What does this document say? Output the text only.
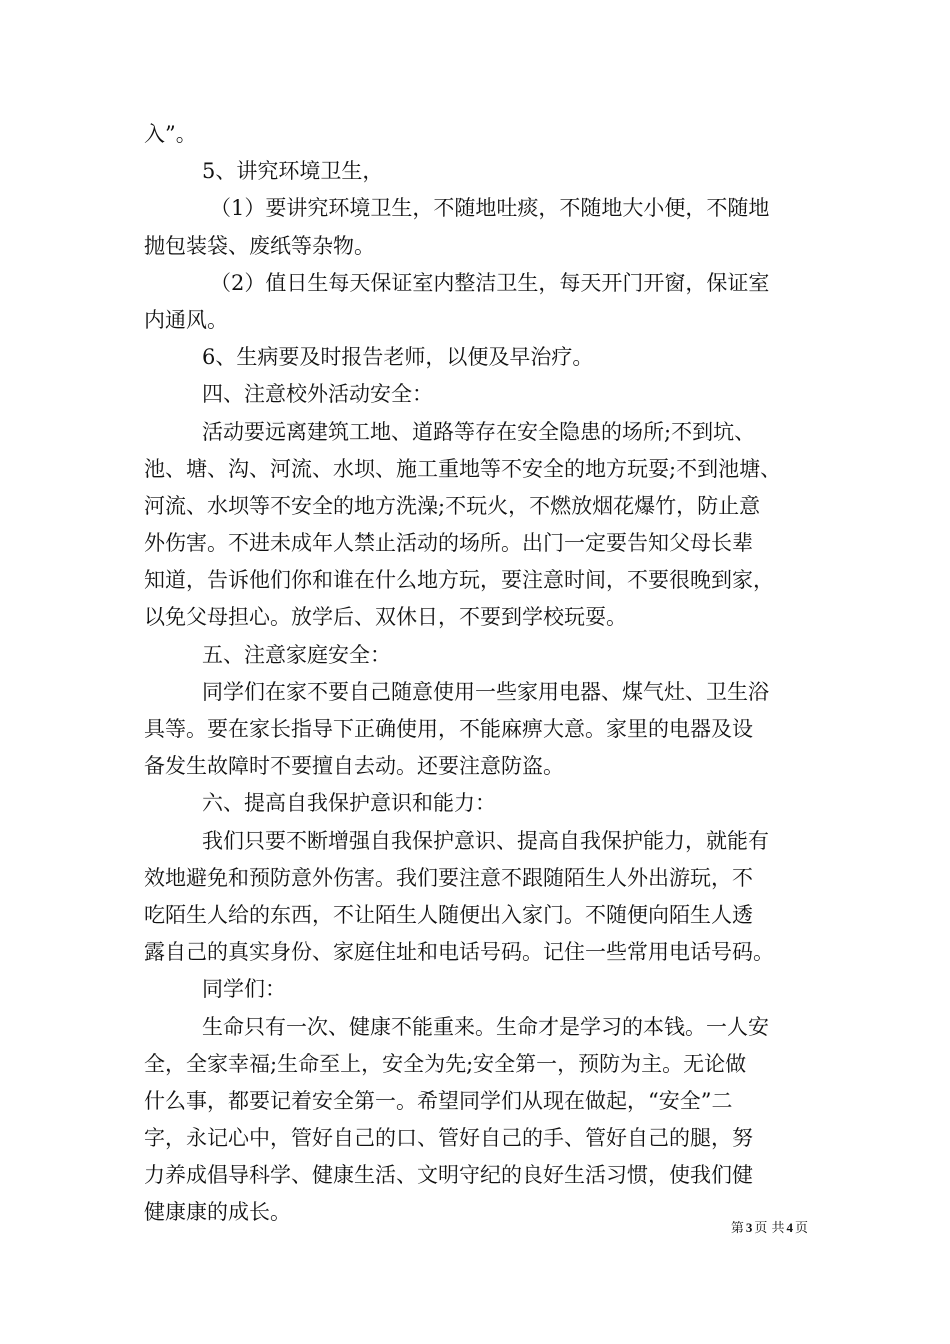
入”。
5、讲究环境卫生，
（1）要讲究环境卫生，不随地吐痰，不随地大小便，不随地
抛包装袋、废纸等杂物。
（2）值日生每天保证室内整洁卫生，每天开门开窗，保证室
内通风。
6、生病要及时报告老师，以便及早治疗。
四、注意校外活动安全：
活动要远离建筑工地、道路等存在安全隐患的场所;不到坑、
池、塘、沟、河流、水坝、施工重地等不安全的地方玩耍;不到池塘、
河流、水坝等不安全的地方洗澡;不玩火，不燃放烟花爆竹，防止意
外伤害。不进未成年人禁止活动的场所。出门一定要告知父母长辈
知道，告诉他们你和谁在什么地方玩，要注意时间，不要很晚到家，
以免父母担心。放学后、双休日，不要到学校玩耍。
五、注意家庭安全：
同学们在家不要自己随意使用一些家用电器、煤气灶、卫生浴
具等。要在家长指导下正确使用，不能麻痹大意。家里的电器及设
备发生故障时不要擅自去动。还要注意防盗。
六、提高自我保护意识和能力：
我们只要不断增强自我保护意识、提高自我保护能力，就能有
效地避免和预防意外伤害。我们要注意不跟随陌生人外出游玩，不
吃陌生人给的东西，不让陌生人随便出入家门。不随便向陌生人透
露自己的真实身份、家庭住址和电话号码。记住一些常用电话号码。
同学们：
生命只有一次、健康不能重来。生命才是学习的本钱。一人安
全，全家幸福;生命至上，安全为先;安全第一，预防为主。无论做
什么事，都要记着安全第一。希望同学们从现在做起，“安全”二
字，永记心中，管好自己的口、管好自己的手、管好自己的腿，努
力养成倡导科学、健康生活、文明守纪的良好生活习惯，使我们健
健康康的成长。
第 3 页 共 4 页
